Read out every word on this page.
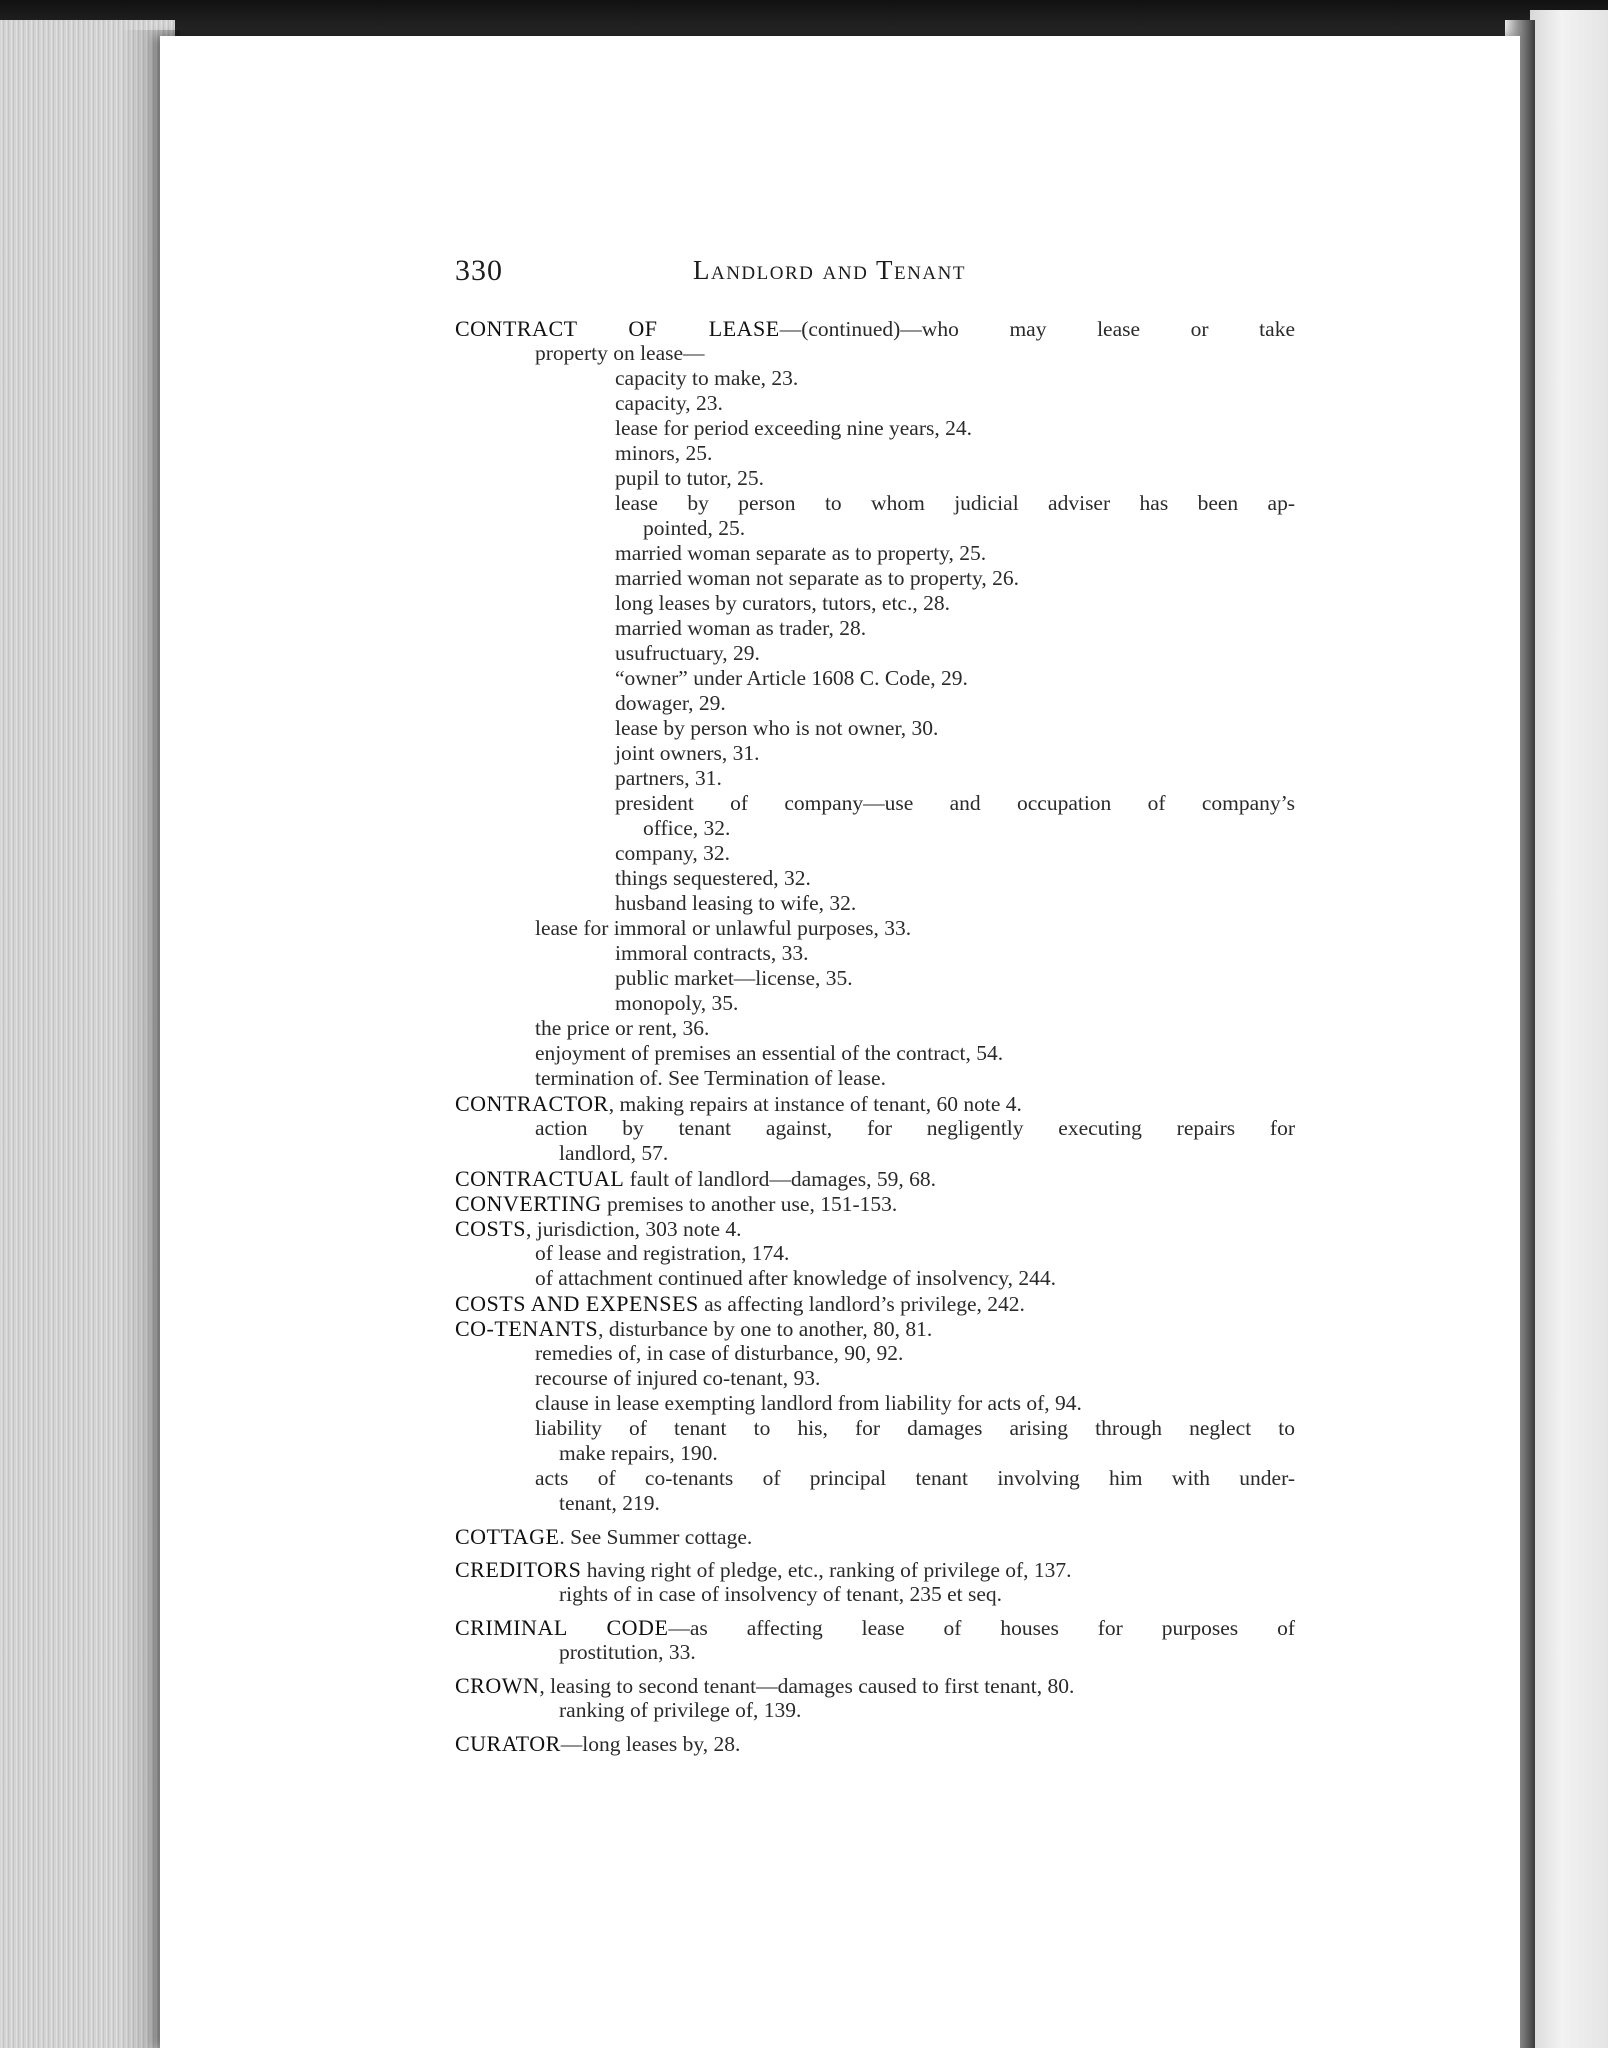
330	Landlord and Tenant
CONTRACT OF LEASE—(continued)—who may lease or take
property on lease—
capacity to make, 23.
capacity, 23.
lease for period exceeding nine years, 24.
minors, 25.
pupil to tutor, 25.
lease by person to whom judicial adviser has been ap-
pointed, 25.
married woman separate as to property, 25.
married woman not separate as to property, 26.
long leases by curators, tutors, etc., 28.
married woman as trader, 28.
usufructuary, 29.
“owner” under Article 1608 C. Code, 29.
dowager, 29.
lease by person who is not owner, 30.
joint owners, 31.
partners, 31.
president of company—use and occupation of company’s
office, 32.
company, 32.
things sequestered, 32.
husband leasing to wife, 32.
lease for immoral or unlawful purposes, 33.
immoral contracts, 33.
public market—license, 35.
monopoly, 35.
the price or rent, 36.
enjoyment of premises an essential of the contract, 54.
termination of. See Termination of lease.
CONTRACTOR, making repairs at instance of tenant, 60 note 4.
action by tenant against, for negligently executing repairs for
landlord, 57.
CONTRACTUAL fault of landlord—damages, 59, 68.
CONVERTING premises to another use, 151-153.
COSTS, jurisdiction, 303 note 4.
of lease and registration, 174.
of attachment continued after knowledge of insolvency, 244.
COSTS AND EXPENSES as affecting landlord’s privilege, 242.
CO-TENANTS, disturbance by one to another, 80, 81.
remedies of, in case of disturbance, 90, 92.
recourse of injured co-tenant, 93.
clause in lease exempting landlord from liability for acts of, 94.
liability of tenant to his, for damages arising through neglect to
make repairs, 190.
acts of co-tenants of principal tenant involving him with under-
tenant, 219.
COTTAGE. See Summer cottage.
CREDITORS having right of pledge, etc., ranking of privilege of, 137.
rights of in case of insolvency of tenant, 235 et seq.
CRIMINAL CODE—as affecting lease of houses for purposes of
prostitution, 33.
CROWN, leasing to second tenant—damages caused to first tenant, 80.
ranking of privilege of, 139.
CURATOR—long leases by, 28.
